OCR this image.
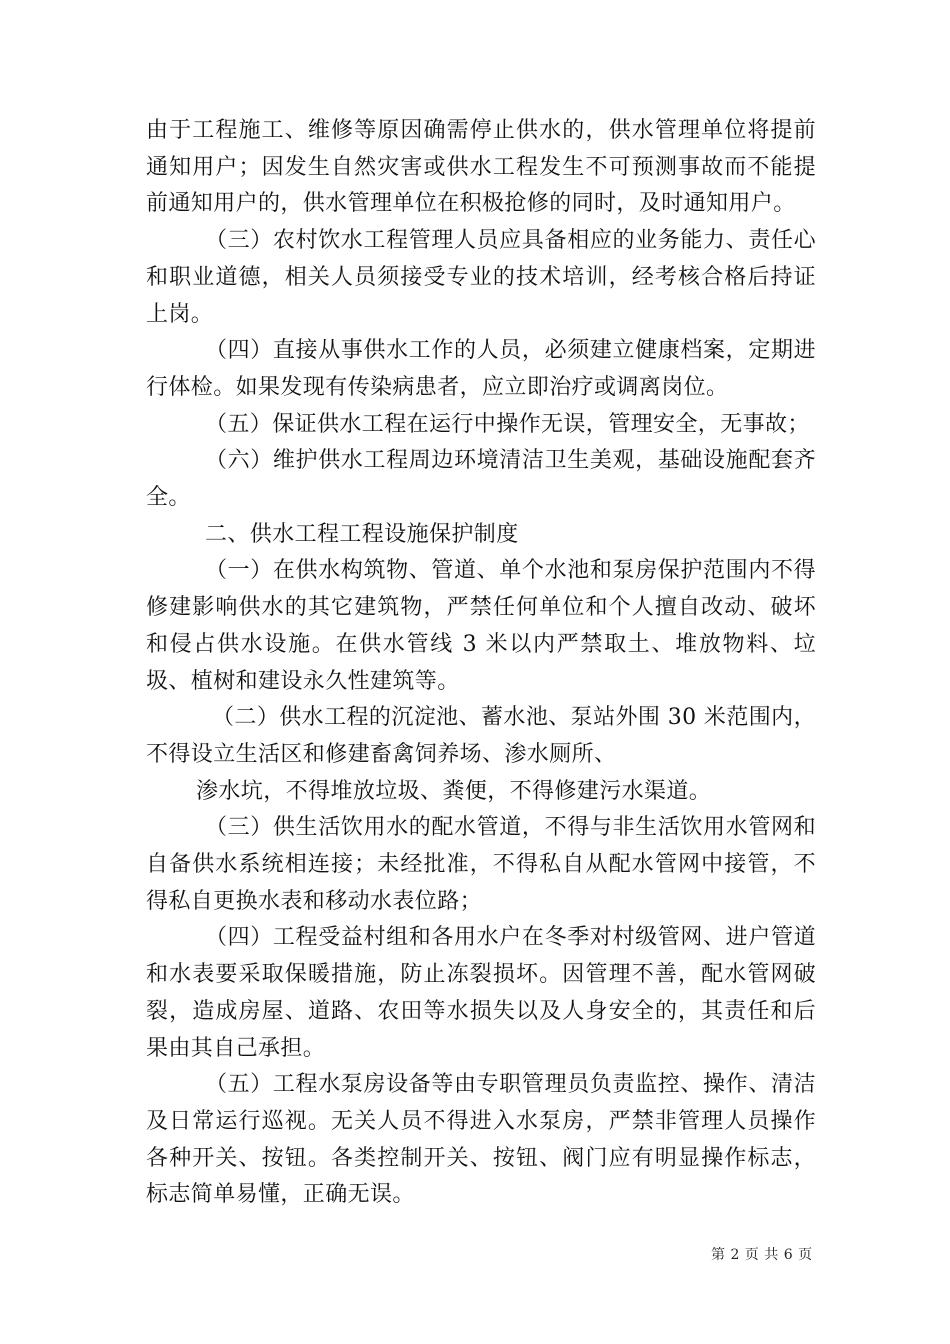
由于工程施工、维修等原因确需停止供水的，供水管理单位将提前通知用户；因发生自然灾害或供水工程发生不可预测事故而不能提前通知用户的，供水管理单位在积极抢修的同时，及时通知用户。

（三）农村饮水工程管理人员应具备相应的业务能力、责任心和职业道德，相关人员须接受专业的技术培训，经考核合格后持证上岗。

（四）直接从事供水工作的人员，必须建立健康档案，定期进行体检。如果发现有传染病患者，应立即治疗或调离岗位。

（五）保证供水工程在运行中操作无误，管理安全，无事故；

（六）维护供水工程周边环境清洁卫生美观，基础设施配套齐全。

二、供水工程工程设施保护制度

（一）在供水构筑物、管道、单个水池和泵房保护范围内不得修建影响供水的其它建筑物，严禁任何单位和个人擅自改动、破坏和侵占供水设施。在供水管线 3 米以内严禁取土、堆放物料、垃圾、植树和建设永久性建筑等。

（二）供水工程的沉淀池、蓄水池、泵站外围 30 米范围内，不得设立生活区和修建畜禽饲养场、渗水厕所、

渗水坑，不得堆放垃圾、粪便，不得修建污水渠道。

（三）供生活饮用水的配水管道，不得与非生活饮用水管网和自备供水系统相连接；未经批准，不得私自从配水管网中接管，不得私自更换水表和移动水表位路；

（四）工程受益村组和各用水户在冬季对村级管网、进户管道和水表要采取保暖措施，防止冻裂损坏。因管理不善，配水管网破裂，造成房屋、道路、农田等水损失以及人身安全的，其责任和后果由其自己承担。

（五）工程水泵房设备等由专职管理员负责监控、操作、清洁及日常运行巡视。无关人员不得进入水泵房，严禁非管理人员操作各种开关、按钮。各类控制开关、按钮、阀门应有明显操作标志，标志简单易懂，正确无误。

第 2 页 共 6 页
